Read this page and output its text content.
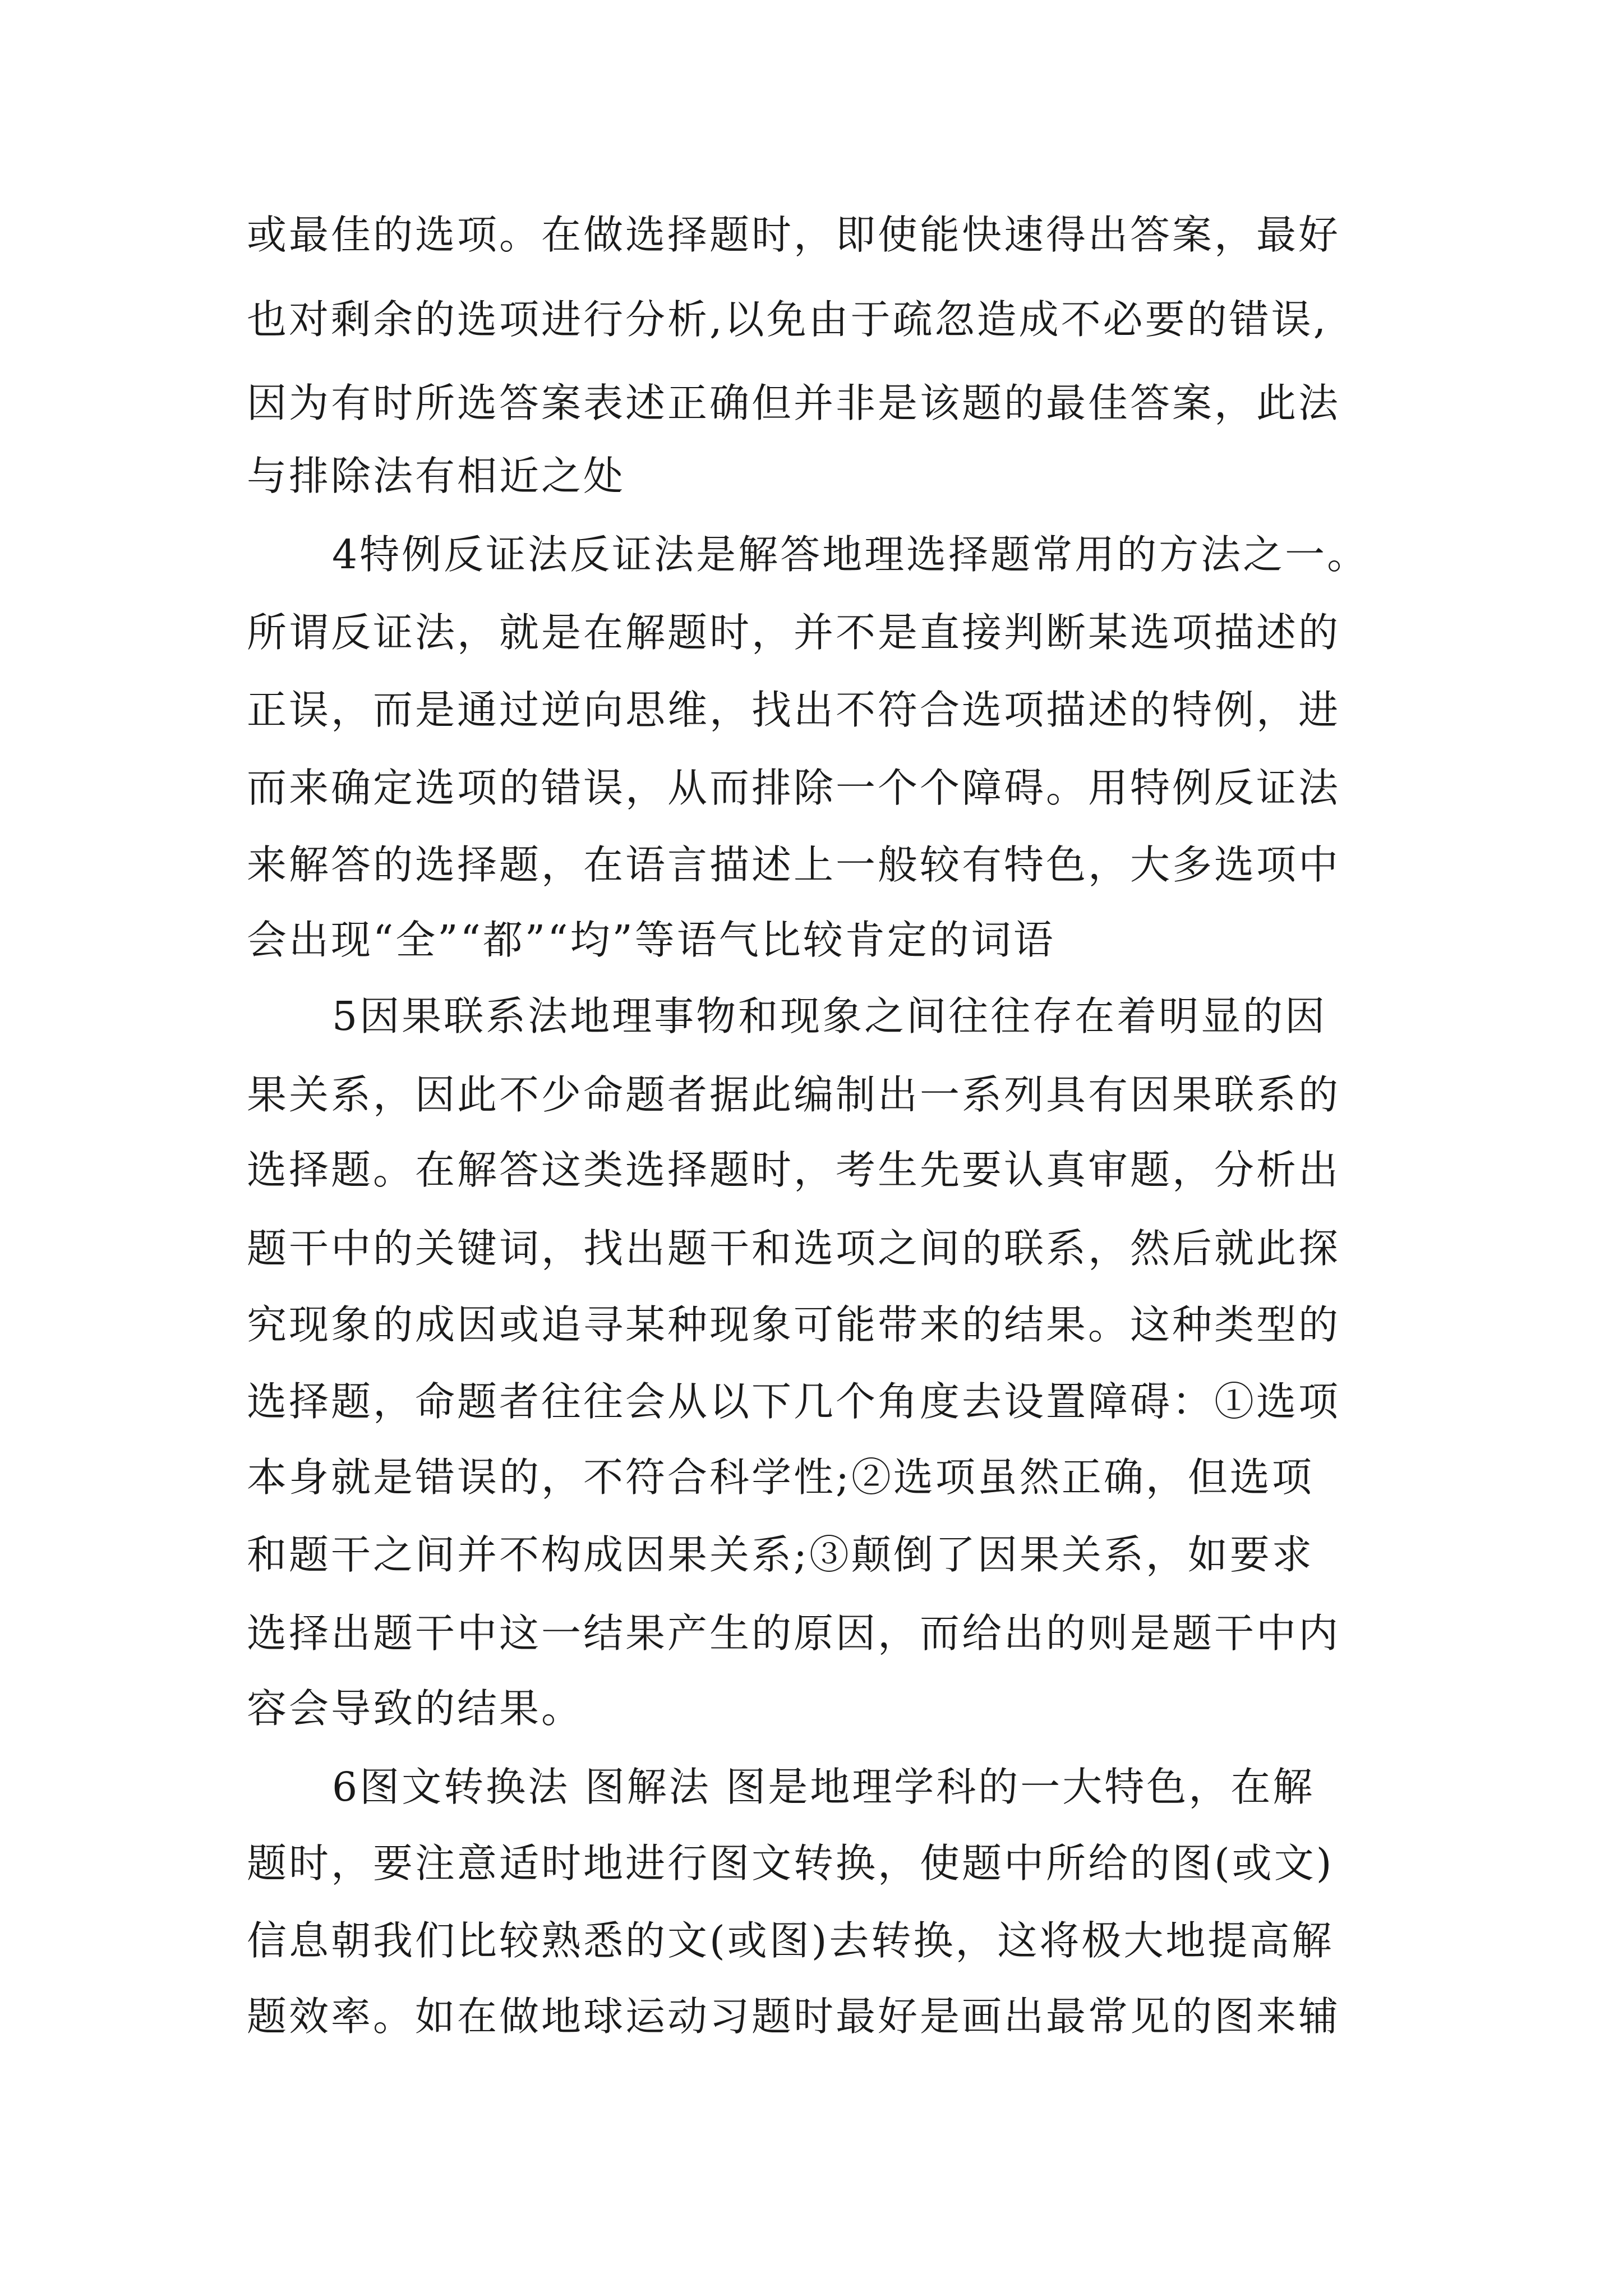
或最佳的选项。在做选择题时，即使能快速得出答案，最好
也对剩余的选项进行分析,以免由于疏忽造成不必要的错误,
因为有时所选答案表述正确但并非是该题的最佳答案，此法
与排除法有相近之处
4特例反证法反证法是解答地理选择题常用的方法之一。
所谓反证法，就是在解题时，并不是直接判断某选项描述的
正误，而是通过逆向思维，找出不符合选项描述的特例，进
而来确定选项的错误，从而排除一个个障碍。用特例反证法
来解答的选择题，在语言描述上一般较有特色，大多选项中
会出现“全”“都”“均”等语气比较肯定的词语
5因果联系法地理事物和现象之间往往存在着明显的因
果关系，因此不少命题者据此编制出一系列具有因果联系的
选择题。在解答这类选择题时，考生先要认真审题，分析出
题干中的关键词，找出题干和选项之间的联系，然后就此探
究现象的成因或追寻某种现象可能带来的结果。这种类型的
选择题，命题者往往会从以下几个角度去设置障碍：①选项
本身就是错误的，不符合科学性;②选项虽然正确，但选项
和题干之间并不构成因果关系;③颠倒了因果关系，如要求
选择出题干中这一结果产生的原因，而给出的则是题干中内
容会导致的结果。
6图文转换法 图解法 图是地理学科的一大特色，在解
题时，要注意适时地进行图文转换，使题中所给的图(或文)
信息朝我们比较熟悉的文(或图)去转换，这将极大地提高解
题效率。如在做地球运动习题时最好是画出最常见的图来辅
